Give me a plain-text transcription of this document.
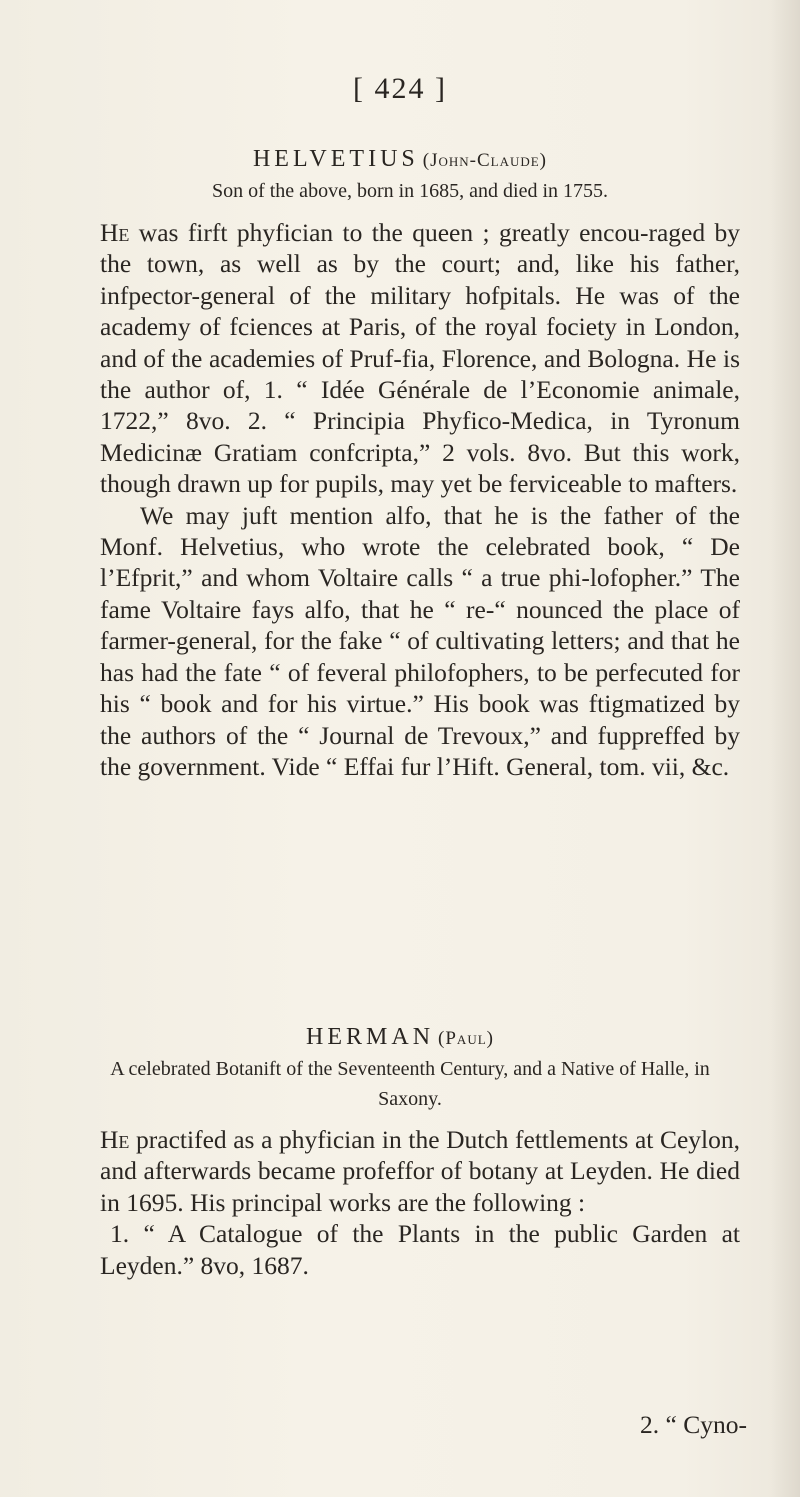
[ 424 ]
HELVETIUS (John-Claude)
Son of the above, born in 1685, and died in 1755.

He was firft phyfician to the queen ; greatly encou-raged by the town, as well as by the court; and, like his father, infpector-general of the military hofpitals. He was of the academy of fciences at Paris, of the royal fociety in London, and of the academies of Pruf-fia, Florence, and Bologna. He is the author of, 1. “ Idée Générale de l’Economie animale, 1722,” 8vo. 2. “ Principia Phyfico-Medica, in Tyronum Medicinæ Gratiam confcripta,” 2 vols. 8vo. But this work, though drawn up for pupils, may yet be ferviceable to mafters.

We may juft mention alfo, that he is the father of the Monf. Helvetius, who wrote the celebrated book, “ De l’Efprit,” and whom Voltaire calls “ a true phi-lofopher.” The fame Voltaire fays alfo, that he “ re-“ nounced the place of farmer-general, for the fake “ of cultivating letters; and that he has had the fate “ of feveral philofophers, to be perfecuted for his “ book and for his virtue.” His book was ftigmatized by the authors of the “ Journal de Trevoux,” and fuppreffed by the government. Vide “ Effai fur l’Hift. General, tom. vii, &c.

HERMAN (Paul)
A celebrated Botanift of the Seventeenth Century, and a Native of Halle, in Saxony.

He practifed as a phyfician in the Dutch fettlements at Ceylon, and afterwards became profeffor of botany at Leyden. He died in 1695. His principal works are the following :

1. “ A Catalogue of the Plants in the public Garden at Leyden.” 8vo, 1687.

2. “ Cyno-
